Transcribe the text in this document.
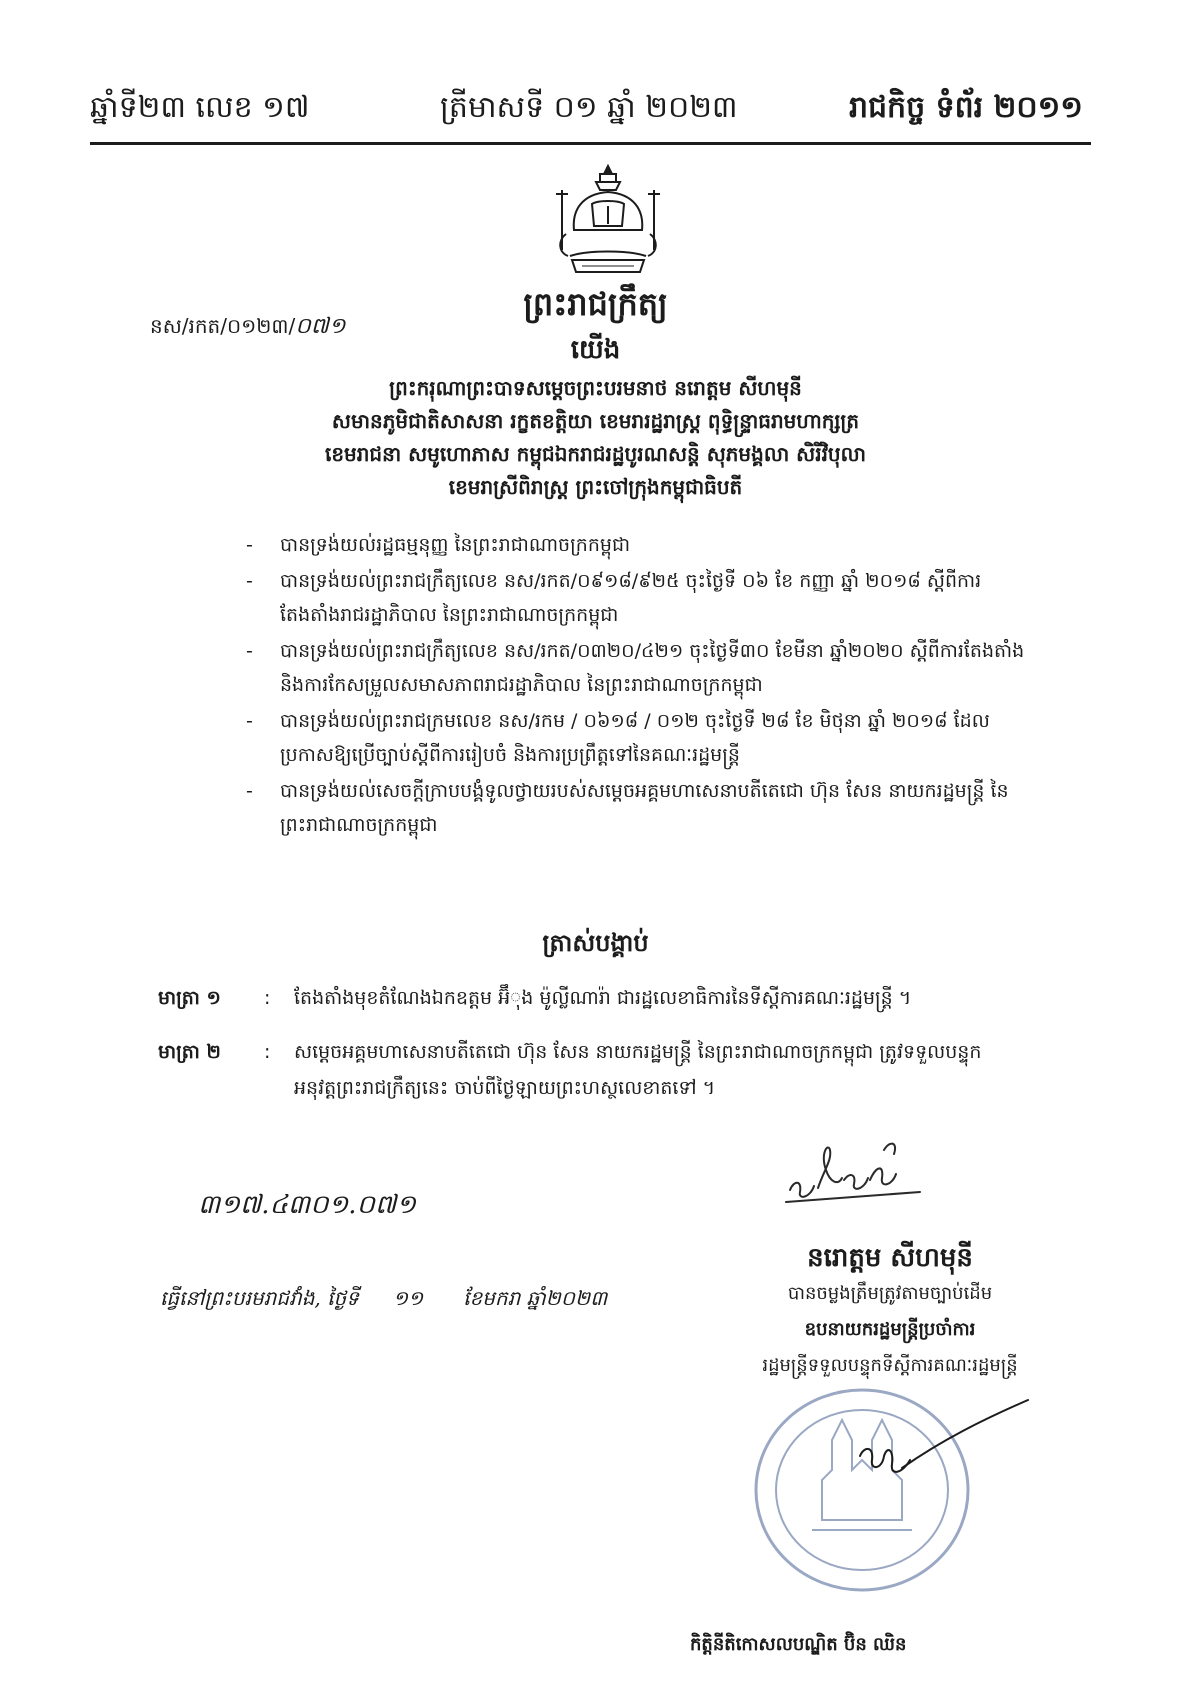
ឆ្នាំទី២៣ លេខ ១៧	ត្រីមាសទី ០១ ឆ្នាំ ២០២៣	រាជកិច្ច ទំព័រ ២០១១
ព្រះរាជក្រឹត្យ
នស/រកត/០១២៣/០៧១
យើង
ព្រះករុណាព្រះបាទសម្តេចព្រះបរមនាថ នរោត្តម សីហមុនី
សមានភូមិជាតិសាសនា រក្ខតខត្តិយា ខេមរារដ្ឋរាស្ត្រ ពុទ្ធិន្ទ្រាធរាមហាក្សត្រ
ខេមរាជនា សមូហោភាស កម្ពុជឯករាជរដ្ឋបូរណសន្តិ សុភមង្គលា សិរីវិបុលា
ខេមរាស្រីពិរាស្ត្រ ព្រះចៅក្រុងកម្ពុជាធិបតី
- បានទ្រង់យល់រដ្ឋធម្មនុញ្ញ នៃព្រះរាជាណាចក្រកម្ពុជា
- បានទ្រង់យល់ព្រះរាជក្រឹត្យលេខ នស/រកត/០៩១៨/៩២៥ ចុះថ្ងៃទី ០៦ ខែ កញ្ញា ឆ្នាំ ២០១៨ ស្តីពីការតែងតាំងរាជរដ្ឋាភិបាល នៃព្រះរាជាណាចក្រកម្ពុជា
- បានទ្រង់យល់ព្រះរាជក្រឹត្យលេខ នស/រកត/០៣២០/៤២១ ចុះថ្ងៃទី៣០ ខែមីនា ឆ្នាំ២០២០ ស្តីពីការតែងតាំង និងការកែសម្រួលសមាសភាពរាជរដ្ឋាភិបាល នៃព្រះរាជាណាចក្រកម្ពុជា
- បានទ្រង់យល់ព្រះរាជក្រមលេខ នស/រកម / ០៦១៨ / ០១២ ចុះថ្ងៃទី ២៨ ខែ មិថុនា ឆ្នាំ ២០១៨ ដែលប្រកាសឱ្យប្រើច្បាប់ស្តីពីការរៀបចំ និងការប្រព្រឹត្តទៅនៃគណៈរដ្ឋមន្ត្រី
- បានទ្រង់យល់សេចក្តីក្រាបបង្គំទូលថ្វាយរបស់សម្តេចអគ្គមហាសេនាបតីតេជោ ហ៊ុន សែន នាយករដ្ឋមន្ត្រី នៃព្រះរាជាណាចក្រកម្ពុជា
ត្រាស់បង្គាប់
មាត្រា ១ : តែងតាំងមុខតំណែងឯកឧត្តម អ៊ឹុង ម៉ូល្លីណារ៉ា ជារដ្ឋលេខាធិការនៃទីស្តីការគណៈរដ្ឋមន្ត្រី ។
មាត្រា ២ : សម្តេចអគ្គមហាសេនាបតីតេជោ ហ៊ុន សែន នាយករដ្ឋមន្ត្រី នៃព្រះរាជាណាចក្រកម្ពុជា ត្រូវទទួលបន្ទុកអនុវត្តព្រះរាជក្រឹត្យនេះ ចាប់ពីថ្ងៃឡាយព្រះហស្ថលេខាតទៅ ។
៣១៧.៤៣០១.០៧១
ធ្វើនៅព្រះបរមរាជវាំង, ថ្ងៃទី ១១ ខែមករា ឆ្នាំ២០២៣
នរោត្តម សីហមុនី
បានចម្លងត្រឹមត្រូវតាមច្បាប់ដើម
ឧបនាយករដ្ឋមន្ត្រីប្រចាំការ
រដ្ឋមន្ត្រីទទួលបន្ទុកទីស្តីការគណៈរដ្ឋមន្ត្រី
កិត្តិនីតិកោសលបណ្ឌិត ប៊ិន ឈិន
